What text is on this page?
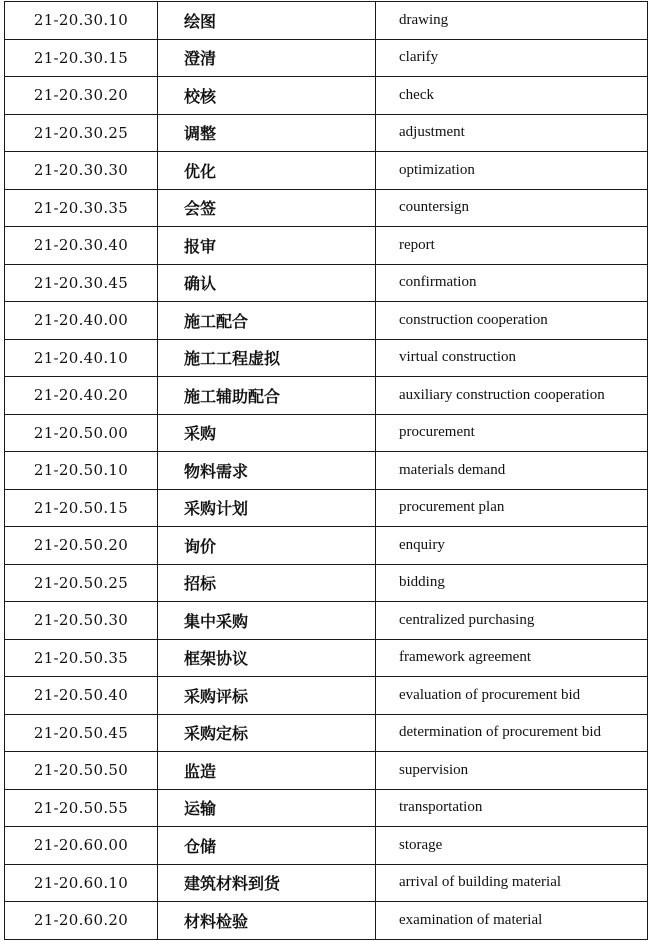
21-20.30.10	绘图	drawing
21-20.30.15	澄清	clarify
21-20.30.20	校核	check
21-20.30.25	调整	adjustment
21-20.30.30	优化	optimization
21-20.30.35	会签	countersign
21-20.30.40	报审	report
21-20.30.45	确认	confirmation
21-20.40.00	施工配合	construction cooperation
21-20.40.10	施工工程虚拟	virtual construction
21-20.40.20	施工辅助配合	auxiliary construction cooperation
21-20.50.00	采购	procurement
21-20.50.10	物料需求	materials demand
21-20.50.15	采购计划	procurement plan
21-20.50.20	询价	enquiry
21-20.50.25	招标	bidding
21-20.50.30	集中采购	centralized purchasing
21-20.50.35	框架协议	framework agreement
21-20.50.40	采购评标	evaluation of procurement bid
21-20.50.45	采购定标	determination of procurement bid
21-20.50.50	监造	supervision
21-20.50.55	运输	transportation
21-20.60.00	仓储	storage
21-20.60.10	建筑材料到货	arrival of building material
21-20.60.20	材料检验	examination of material
